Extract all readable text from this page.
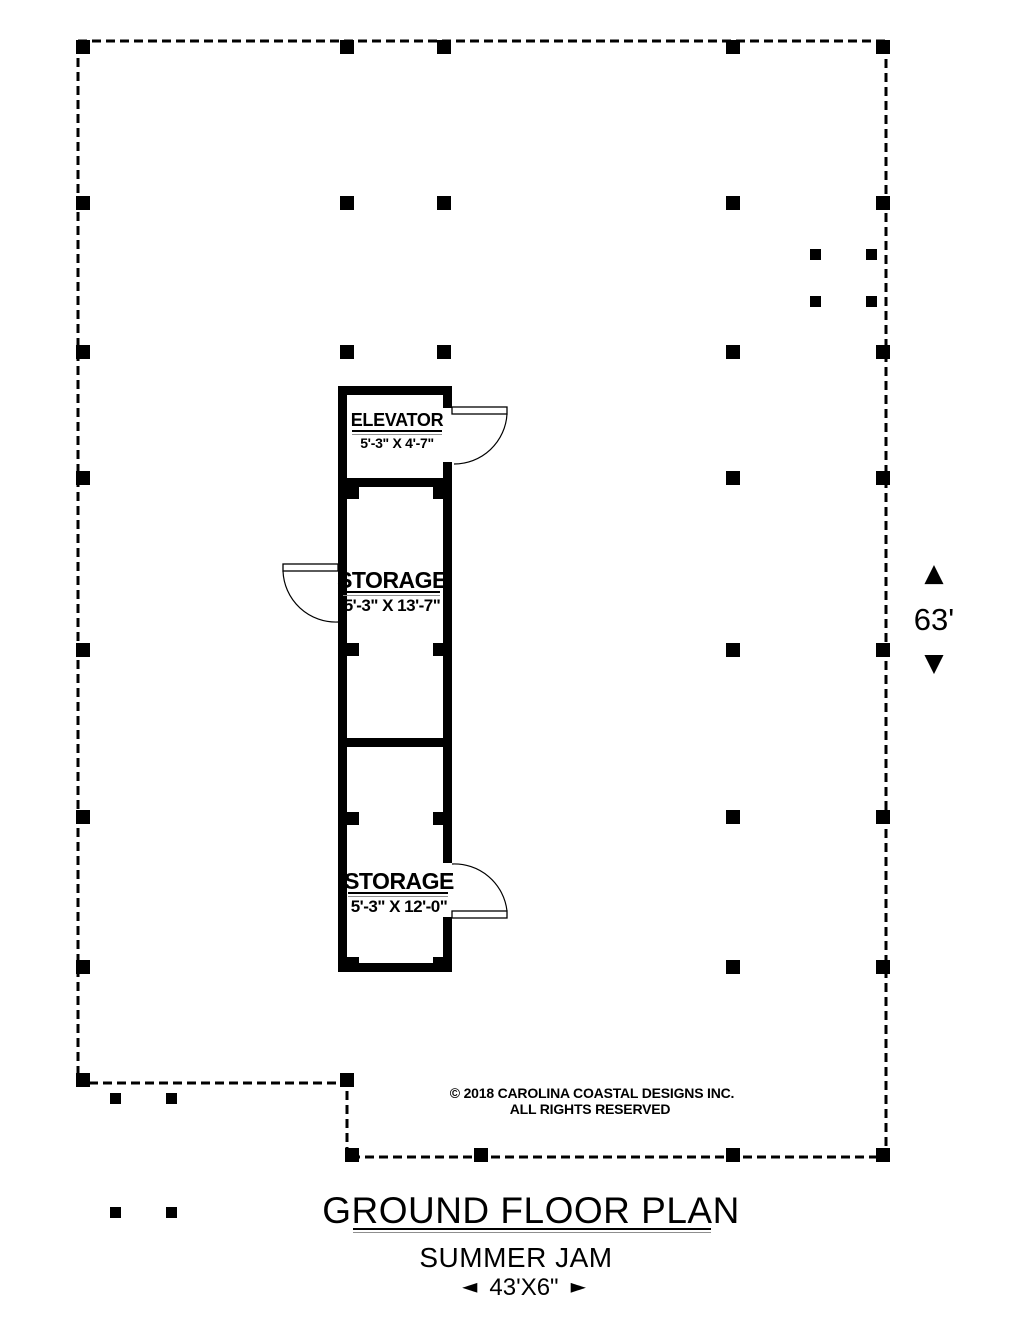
ELEVATOR
5'-3" X 4'-7"
STORAGE
5'-3" X 13'-7"
STORAGE
5'-3" X 12'-0"
▲
63'
▼
© 2018 CAROLINA COASTAL DESIGNS INC.
ALL RIGHTS RESERVED
GROUND FLOOR PLAN
SUMMER JAM
◄ 43'X6" ►
